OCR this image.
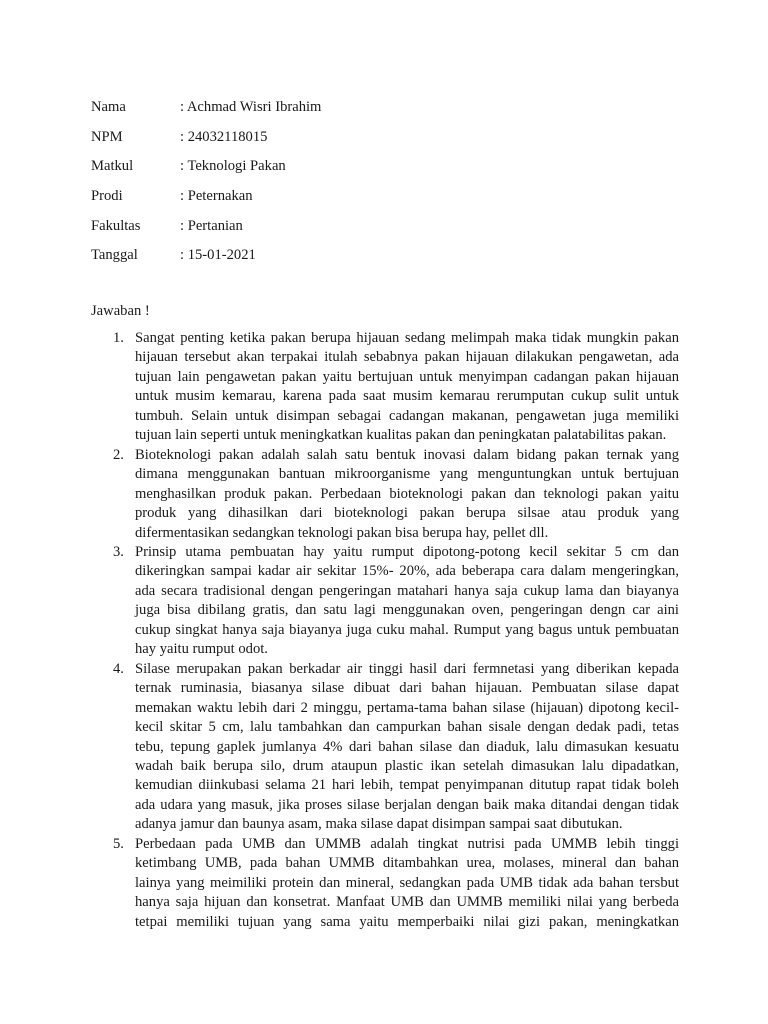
Nama	: Achmad Wisri Ibrahim
NPM	: 24032118015
Matkul	: Teknologi Pakan
Prodi	: Peternakan
Fakultas	: Pertanian
Tanggal	: 15-01-2021
Jawaban !
1. Sangat penting ketika pakan berupa hijauan sedang melimpah maka tidak mungkin pakan
hijauan tersebut akan terpakai itulah sebabnya pakan hijauan dilakukan pengawetan, ada
tujuan lain pengawetan pakan yaitu bertujuan untuk menyimpan cadangan pakan hijauan
untuk musim kemarau, karena pada saat musim kemarau rerumputan cukup sulit untuk
tumbuh. Selain untuk disimpan sebagai cadangan makanan, pengawetan juga memiliki
tujuan lain seperti untuk meningkatkan kualitas pakan dan peningkatan palatabilitas pakan.
2. Bioteknologi pakan adalah salah satu bentuk inovasi dalam bidang pakan ternak yang
dimana menggunakan bantuan mikroorganisme yang menguntungkan untuk bertujuan
menghasilkan produk pakan. Perbedaan bioteknologi pakan dan teknologi pakan yaitu
produk yang dihasilkan dari bioteknologi pakan berupa silsae atau produk yang
difermentasikan sedangkan teknologi pakan bisa berupa hay, pellet dll.
3. Prinsip utama pembuatan hay yaitu rumput dipotong-potong kecil sekitar 5 cm dan
dikeringkan sampai kadar air sekitar 15%- 20%, ada beberapa cara dalam mengeringkan,
ada secara tradisional dengan pengeringan matahari hanya saja cukup lama dan biayanya
juga bisa dibilang gratis, dan satu lagi menggunakan oven, pengeringan dengn car aini
cukup singkat hanya saja biayanya juga cuku mahal. Rumput yang bagus untuk pembuatan
hay yaitu rumput odot.
4. Silase merupakan pakan berkadar air tinggi hasil dari fermnetasi yang diberikan kepada
ternak ruminasia, biasanya silase dibuat dari bahan hijauan. Pembuatan silase dapat
memakan waktu lebih dari 2 minggu, pertama-tama bahan silase (hijauan) dipotong kecil-
kecil skitar 5 cm, lalu tambahkan dan campurkan bahan sisale dengan dedak padi, tetas
tebu, tepung gaplek jumlanya 4% dari bahan silase dan diaduk, lalu dimasukan kesuatu
wadah baik berupa silo, drum ataupun plastic ikan setelah dimasukan lalu dipadatkan,
kemudian diinkubasi selama 21 hari lebih, tempat penyimpanan ditutup rapat tidak boleh
ada udara yang masuk, jika proses silase berjalan dengan baik maka ditandai dengan tidak
adanya jamur dan baunya asam, maka silase dapat disimpan sampai saat dibutukan.
5. Perbedaan pada UMB dan UMMB adalah tingkat nutrisi pada UMMB lebih tinggi
ketimbang UMB, pada bahan UMMB ditambahkan urea, molases, mineral dan bahan
lainya yang meimiliki protein dan mineral, sedangkan pada UMB tidak ada bahan tersbut
hanya saja hijuan dan konsetrat. Manfaat UMB dan UMMB memiliki nilai yang berbeda
tetpai memiliki tujuan yang sama yaitu memperbaiki nilai gizi pakan, meningkatkan
